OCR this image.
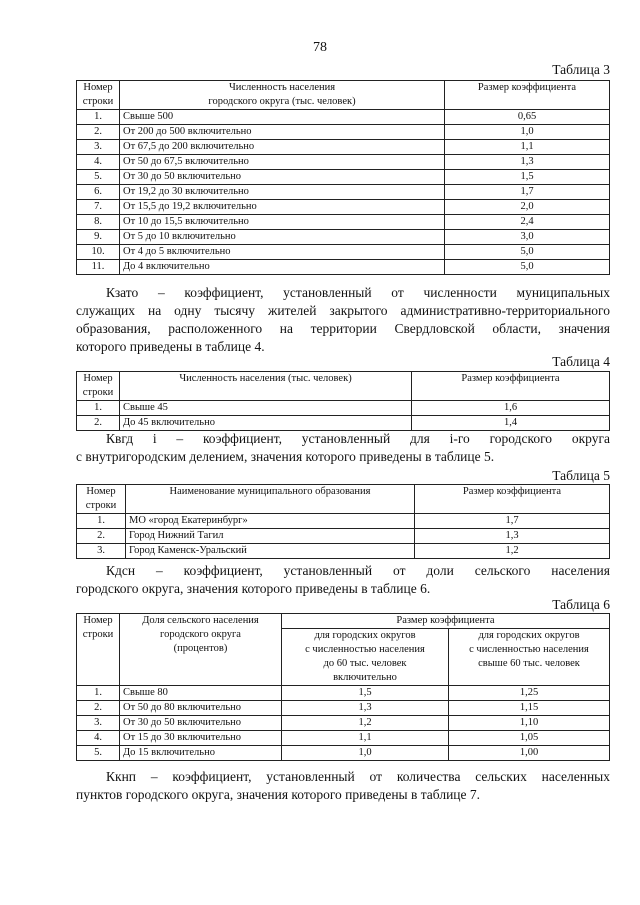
78
Таблица 3
Номер
строки	Численность населения
городского округа (тыс. человек)	Размер коэффициента
1.	Свыше 500	0,65
2.	От 200 до 500 включительно	1,0
3.	От 67,5 до 200 включительно	1,1
4.	От 50 до 67,5 включительно	1,3
5.	От 30 до 50 включительно	1,5
6.	От 19,2 до 30 включительно	1,7
7.	От 15,5 до 19,2 включительно	2,0
8.	От 10 до 15,5 включительно	2,4
9.	От 5 до 10 включительно	3,0
10.	От 4 до 5 включительно	5,0
11.	До 4 включительно	5,0
Кзато – коэффициент, установленный от численности муниципальных
служащих на одну тысячу жителей закрытого административно-территориального
образования, расположенного на территории Свердловской области, значения
которого приведены в таблице 4.
Таблица 4
Номер
строки	Численность населения (тыс. человек)	Размер коэффициента
1.	Свыше 45	1,6
2.	До 45 включительно	1,4
Квгд i – коэффициент, установленный для i-го городского округа
с внутригородским делением, значения которого приведены в таблице 5.
Таблица 5
Номер
строки	Наименование муниципального образования	Размер коэффициента
1.	МО «город Екатеринбург»	1,7
2.	Город Нижний Тагил	1,3
3.	Город Каменск-Уральский	1,2
Кдсн – коэффициент, установленный от доли сельского населения
городского округа, значения которого приведены в таблице 6.
Таблица 6
Номер
строки	Доля сельского населения
городского округа
(процентов)	Размер коэффициента	
		для городских округов
с численностью населения
до 60 тыс. человек
включительно	для городских округов
с численностью населения
свыше 60 тыс. человек
1.	Свыше 80	1,5	1,25
2.	От 50 до 80 включительно	1,3	1,15
3.	От 30 до 50 включительно	1,2	1,10
4.	От 15 до 30 включительно	1,1	1,05
5.	До 15 включительно	1,0	1,00
Ккнп – коэффициент, установленный от количества сельских населенных
пунктов городского округа, значения которого приведены в таблице 7.
